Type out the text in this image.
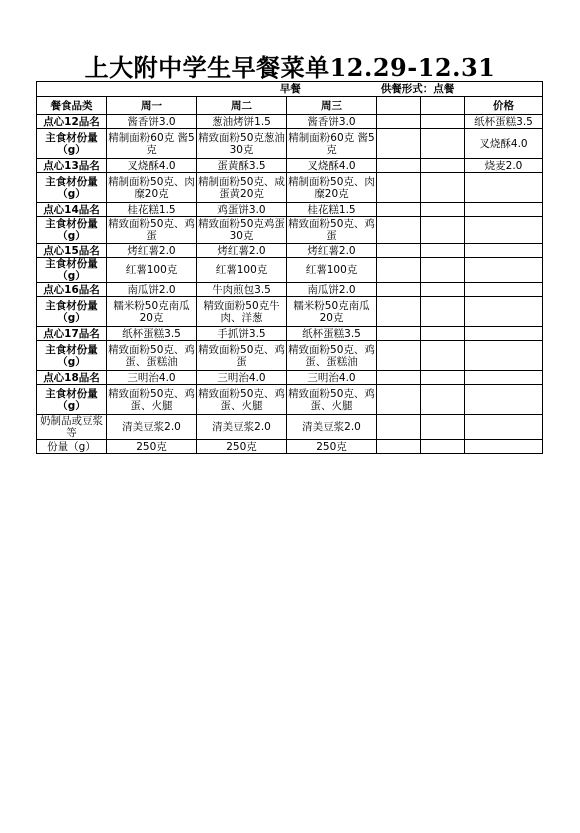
上大附中学生早餐菜单12.29-12.31
早餐 供餐形式：点餐						
餐食品类	周一	周二	周三			价格
点心12品名	酱香饼3.0	葱油烤饼1.5	酱香饼3.0			纸杯蛋糕3.5
主食材份量（g）	精制面粉60克 酱5克	精致面粉50克葱油30克	精制面粉60克 酱5克			叉烧酥4.0
点心13品名	叉烧酥4.0	蛋黄酥3.5	叉烧酥4.0			烧麦2.0
主食材份量（g）	精制面粉50克、肉糜20克	精制面粉50克、咸蛋黄20克	精制面粉50克、肉糜20克			
点心14品名	桂花糕1.5	鸡蛋饼3.0	桂花糕1.5			
主食材份量（g）	精致面粉50克、鸡蛋	精致面粉50克鸡蛋30克	精致面粉50克、鸡蛋			
点心15品名	烤红薯2.0	烤红薯2.0	烤红薯2.0			
主食材份量（g）	红薯100克	红薯100克	红薯100克			
点心16品名	南瓜饼2.0	牛肉煎包3.5	南瓜饼2.0			
主食材份量（g）	糯米粉50克南瓜20克	精致面粉50克牛肉、洋葱	糯米粉50克南瓜20克			
点心17品名	纸杯蛋糕3.5	手抓饼3.5	纸杯蛋糕3.5			
主食材份量（g）	精致面粉50克、鸡蛋、蛋糕油	精致面粉50克、鸡蛋	精致面粉50克、鸡蛋、蛋糕油			
点心18品名	三明治4.0	三明治4.0	三明治4.0			
主食材份量（g）	精致面粉50克、鸡蛋、火腿	精致面粉50克、鸡蛋、火腿	精致面粉50克、鸡蛋、火腿			
奶制品或豆浆等	清美豆浆2.0	清美豆浆2.0	清美豆浆2.0			
份量（g）	250克	250克	250克			
